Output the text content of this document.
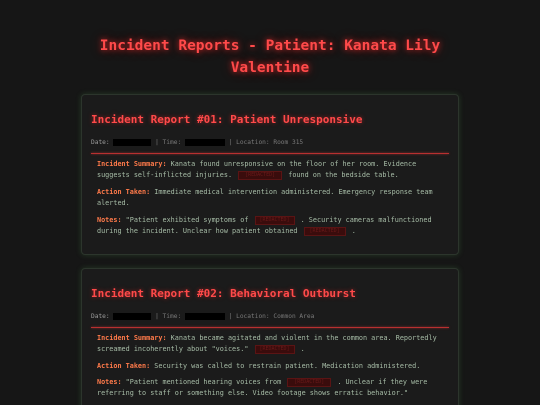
Incident Reports - Patient: Kanata Lily Valentine
Incident Report #01: Patient Unresponsive
Date:	| Time:	| Location: Room 315
Incident Summary: Kanata found unresponsive on the floor of her room. Evidence suggests self-inflicted injuries.	[REDACTED] found on the bedside table.
Action Taken: Immediate medical intervention administered. Emergency response team alerted.
Notes: "Patient exhibited symptoms of [REDACTED] . Security cameras malfunctioned during the incident. Unclear how patient obtained [REDACTED] .
Incident Report #02: Behavioral Outburst
Date:	| Time:	| Location: Common Area
Incident Summary: Kanata became agitated and violent in the common area. Reportedly screamed incoherently about "voices." [REDACTED] .
Action Taken: Security was called to restrain patient. Medication administered.
Notes: "Patient mentioned hearing voices from	[REDACTED] . Unclear if they were referring to staff or something else. Video footage shows erratic behavior."
